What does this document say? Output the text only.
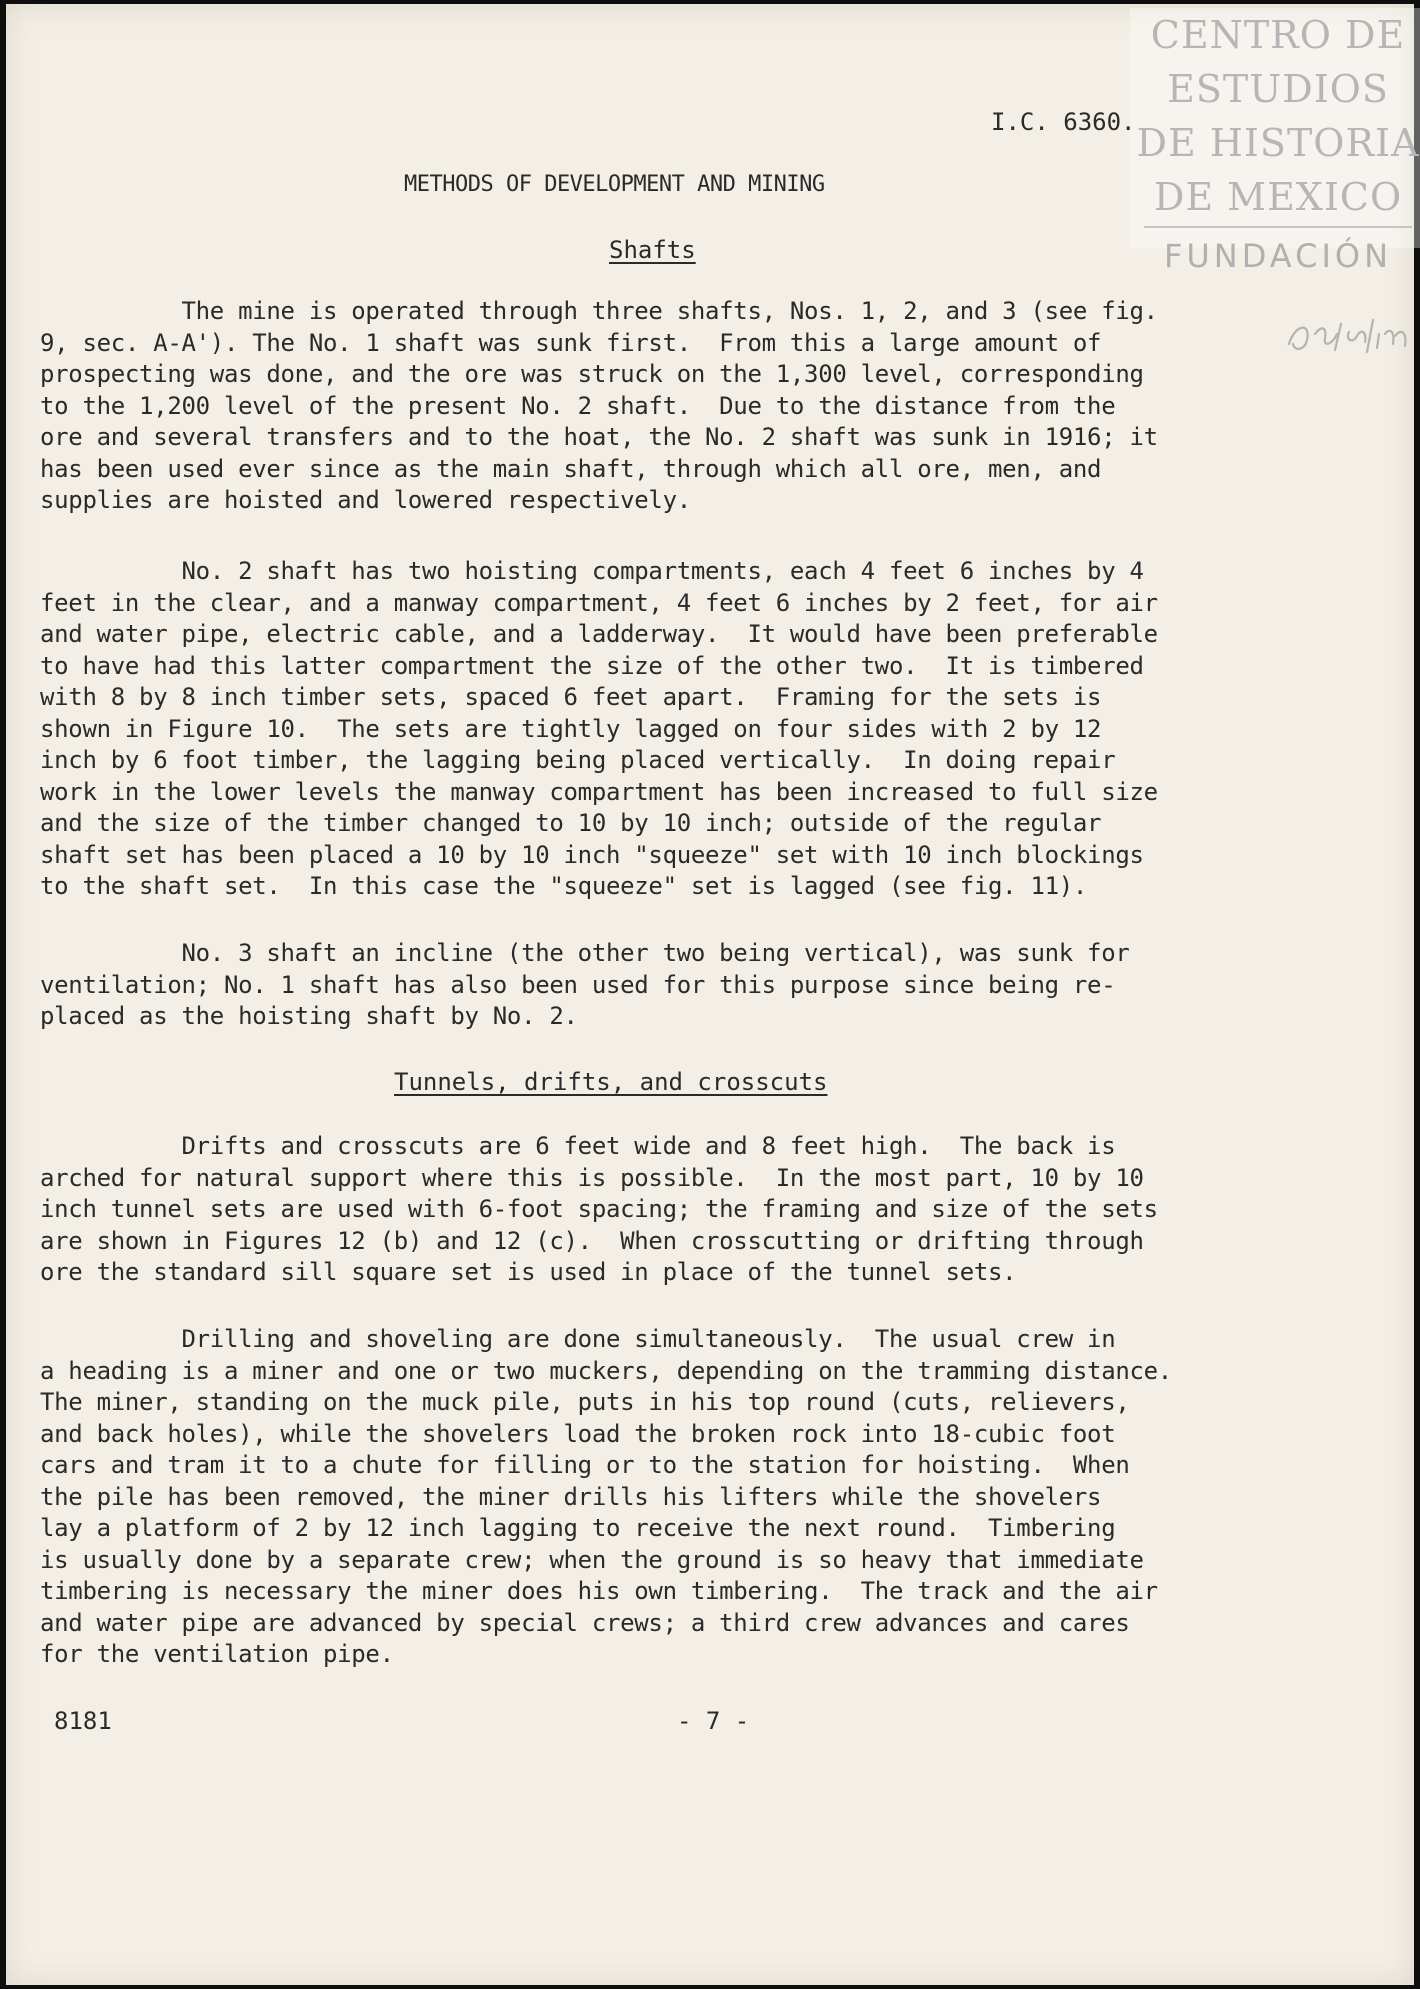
CENTRO DE
ESTUDIOS
DE HISTORIA
DE MEXICO
FUNDACIÓN
I.C. 6360.
METHODS OF DEVELOPMENT AND MINING
Shafts
The mine is operated through three shafts, Nos. 1, 2, and 3 (see fig.
9, sec. A-A'). The No. 1 shaft was sunk first.  From this a large amount of
prospecting was done, and the ore was struck on the 1,300 level, corresponding
to the 1,200 level of the present No. 2 shaft.  Due to the distance from the
ore and several transfers and to the hoat, the No. 2 shaft was sunk in 1916; it
has been used ever since as the main shaft, through which all ore, men, and
supplies are hoisted and lowered respectively.
No. 2 shaft has two hoisting compartments, each 4 feet 6 inches by 4
feet in the clear, and a manway compartment, 4 feet 6 inches by 2 feet, for air
and water pipe, electric cable, and a ladderway.  It would have been preferable
to have had this latter compartment the size of the other two.  It is timbered
with 8 by 8 inch timber sets, spaced 6 feet apart.  Framing for the sets is
shown in Figure 10.  The sets are tightly lagged on four sides with 2 by 12
inch by 6 foot timber, the lagging being placed vertically.  In doing repair
work in the lower levels the manway compartment has been increased to full size
and the size of the timber changed to 10 by 10 inch; outside of the regular
shaft set has been placed a 10 by 10 inch "squeeze" set with 10 inch blockings
to the shaft set.  In this case the "squeeze" set is lagged (see fig. 11).
No. 3 shaft an incline (the other two being vertical), was sunk for
ventilation; No. 1 shaft has also been used for this purpose since being re-
placed as the hoisting shaft by No. 2.
Tunnels, drifts, and crosscuts
Drifts and crosscuts are 6 feet wide and 8 feet high.  The back is
arched for natural support where this is possible.  In the most part, 10 by 10
inch tunnel sets are used with 6-foot spacing; the framing and size of the sets
are shown in Figures 12 (b) and 12 (c).  When crosscutting or drifting through
ore the standard sill square set is used in place of the tunnel sets.
Drilling and shoveling are done simultaneously.  The usual crew in
a heading is a miner and one or two muckers, depending on the tramming distance.
The miner, standing on the muck pile, puts in his top round (cuts, relievers,
and back holes), while the shovelers load the broken rock into 18-cubic foot
cars and tram it to a chute for filling or to the station for hoisting.  When
the pile has been removed, the miner drills his lifters while the shovelers
lay a platform of 2 by 12 inch lagging to receive the next round.  Timbering
is usually done by a separate crew; when the ground is so heavy that immediate
timbering is necessary the miner does his own timbering.  The track and the air
and water pipe are advanced by special crews; a third crew advances and cares
for the ventilation pipe.
8181	- 7 -
